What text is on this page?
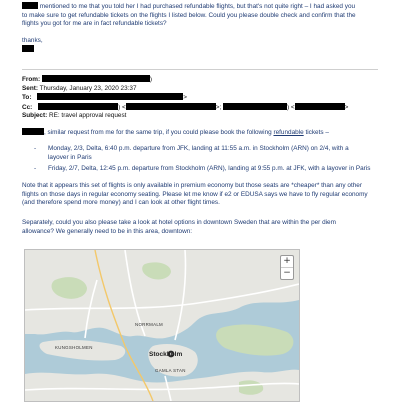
mentioned to me that you told her I had purchased refundable flights, but that's not quite right – I had asked you
to make sure to get refundable tickets on the flights I listed below. Could you please double check and confirm that the
flights you got for me are in fact refundable tickets?
thanks,
From:	)
Sent: Thursday, January 23, 2020 23:37
To:	>
Cc:	) <	>;	) <	>
Subject: RE: travel approval request
, similar request from me for the same trip, if you could please book the following refundable tickets –
-	Monday, 2/3, Delta, 6:40 p.m. departure from JFK, landing at 11:55 a.m. in Stockholm (ARN) on 2/4, with a
layover in Paris
-	Friday, 2/7, Delta, 12:45 p.m. departure from Stockholm (ARN), landing at 9:55 p.m. at JFK, with a layover in Paris
Note that it appears this set of flights is only available in premium economy but those seats are *cheaper* than any other
flights on those days in regular economy seating. Please let me know if e2 or EDUSA says we have to fly regular economy
(and therefore spend more money) and I can look at other flight times.
Separately, could you also please take a look at hotel options in downtown Sweden that are within the per diem
allowance? We generally need to be in this area, downtown:
KUNGSHOLMEN
NORRMALM
GAMLA STAN
Stockholm
+
−
